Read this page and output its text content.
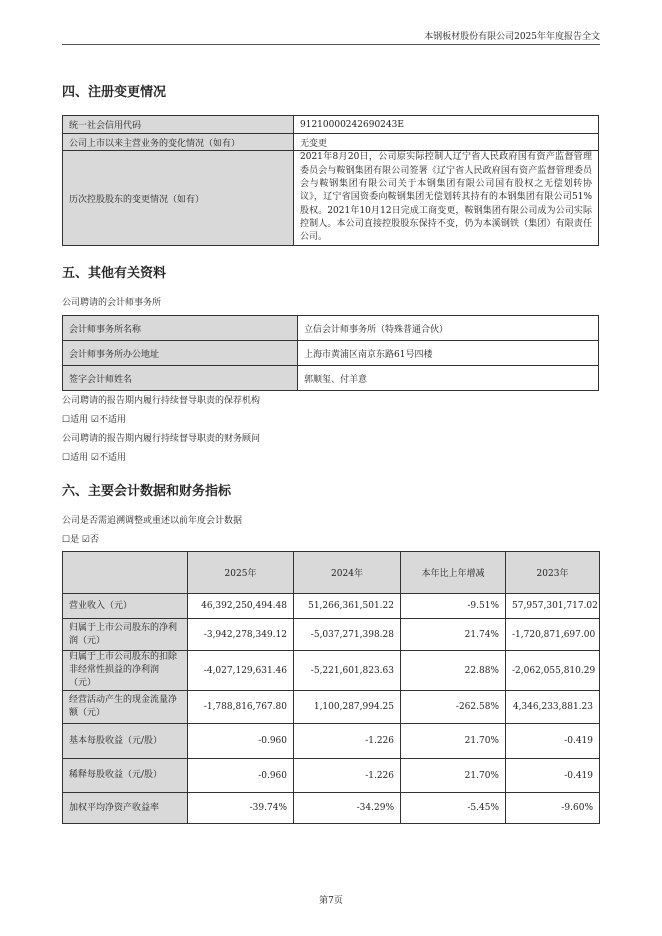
本钢板材股份有限公司2025年年度报告全文
四、注册变更情况
统一社会信用代码	91210000242690243E
公司上市以来主营业务的变化情况（如有）	无变更
历次控股股东的变更情况（如有）	2021年8月20日，公司原实际控制人辽宁省人民政府国有资产监督管理委员会与鞍钢集团有限公司签署《辽宁省人民政府国有资产监督管理委员会与鞍钢集团有限公司关于本钢集团有限公司国有股权之无偿划转协议》，辽宁省国资委向鞍钢集团无偿划转其持有的本钢集团有限公司51%股权。2021年10月12日完成工商变更，鞍钢集团有限公司成为公司实际控制人。本公司直接控股股东保持不变，仍为本溪钢铁（集团）有限责任公司。
五、其他有关资料
公司聘请的会计师事务所
会计师事务所名称	立信会计师事务所（特殊普通合伙）
会计师事务所办公地址	上海市黄浦区南京东路61号四楼
签字会计师姓名	郭顺玺、付羊意
公司聘请的报告期内履行持续督导职责的保荐机构
☐适用 ☑不适用
公司聘请的报告期内履行持续督导职责的财务顾问
☐适用 ☑不适用
六、主要会计数据和财务指标
公司是否需追溯调整或重述以前年度会计数据
☐是 ☑否
	2025年	2024年	本年比上年增减	2023年
营业收入（元）	46,392,250,494.48	51,266,361,501.22	-9.51%	57,957,301,717.02
归属于上市公司股东的净利润（元）	-3,942,278,349.12	-5,037,271,398.28	21.74%	-1,720,871,697.00
归属于上市公司股东的扣除非经常性损益的净利润（元）	-4,027,129,631.46	-5,221,601,823.63	22.88%	-2,062,055,810.29
经营活动产生的现金流量净额（元）	-1,788,816,767.80	1,100,287,994.25	-262.58%	4,346,233,881.23
基本每股收益（元/股）	-0.960	-1.226	21.70%	-0.419
稀释每股收益（元/股）	-0.960	-1.226	21.70%	-0.419
加权平均净资产收益率	-39.74%	-34.29%	-5.45%	-9.60%
第7页
